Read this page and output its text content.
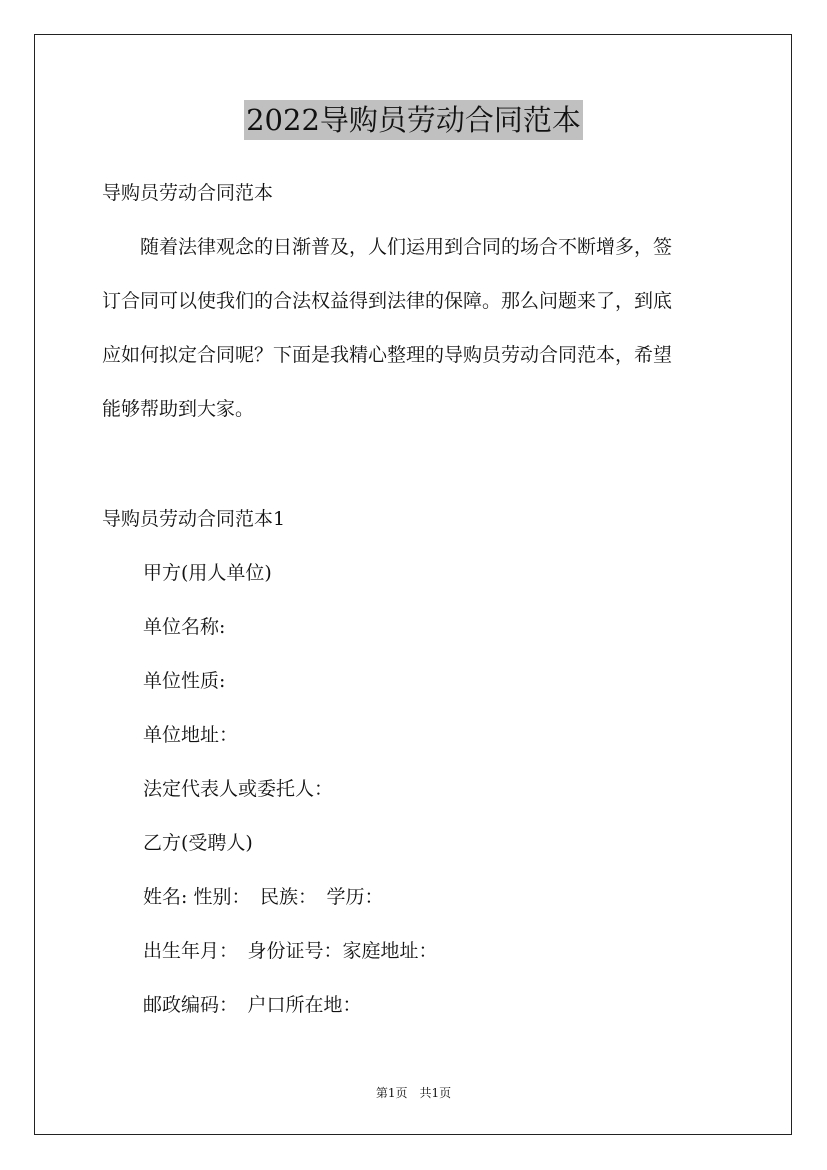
2022导购员劳动合同范本
导购员劳动合同范本

　　随着法律观念的日渐普及，人们运用到合同的场合不断增多，签

订合同可以使我们的合法权益得到法律的保障。那么问题来了，到底

应如何拟定合同呢？下面是我精心整理的导购员劳动合同范本，希望

能够帮助到大家。

导购员劳动合同范本1
甲方(用人单位)
单位名称:
单位性质:
单位地址：
法定代表人或委托人：
乙方(受聘人)
姓名: 性别：　民族：　学历：
出生年月：　身份证号：家庭地址：
邮政编码：　户口所在地：
第1页　共1页
